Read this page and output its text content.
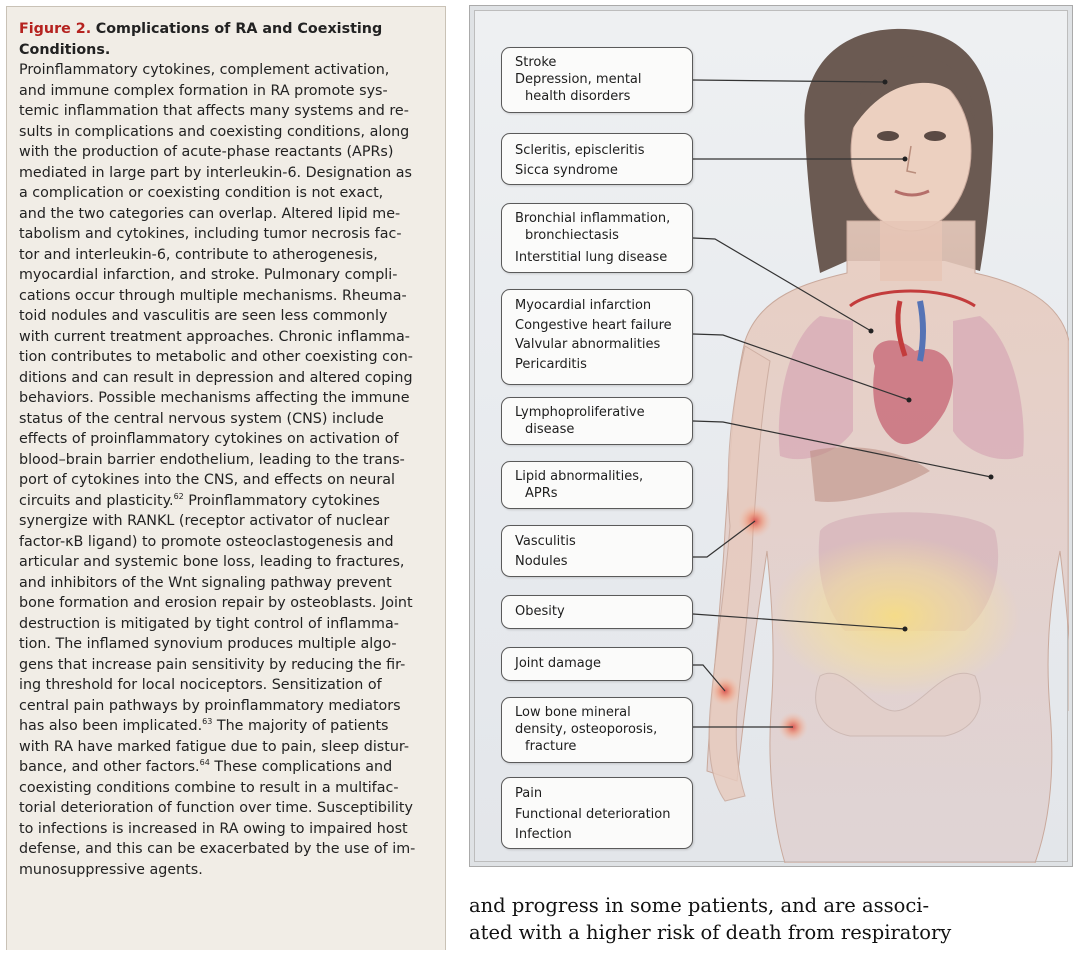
Figure 2. Complications of RA and Coexisting Conditions.
Proinflammatory cytokines, complement activation,
and immune complex formation in RA promote sys-
temic inflammation that affects many systems and re-
sults in complications and coexisting conditions, along
with the production of acute-phase reactants (APRs)
mediated in large part by interleukin-6. Designation as
a complication or coexisting condition is not exact,
and the two categories can overlap. Altered lipid me-
tabolism and cytokines, including tumor necrosis fac-
tor and interleukin-6, contribute to atherogenesis,
myocardial infarction, and stroke. Pulmonary compli-
cations occur through multiple mechanisms. Rheuma-
toid nodules and vasculitis are seen less commonly
with current treatment approaches. Chronic inflamma-
tion contributes to metabolic and other coexisting con-
ditions and can result in depression and altered coping
behaviors. Possible mechanisms affecting the immune
status of the central nervous system (CNS) include
effects of proinflammatory cytokines on activation of
blood–brain barrier endothelium, leading to the trans-
port of cytokines into the CNS, and effects on neural
circuits and plasticity.$^{62}$ Proinflammatory cytokines
synergize with RANKL (receptor activator of nuclear
factor-κB ligand) to promote osteoclastogenesis and
articular and systemic bone loss, leading to fractures,
and inhibitors of the Wnt signaling pathway prevent
bone formation and erosion repair by osteoblasts. Joint
destruction is mitigated by tight control of inflamma-
tion. The inflamed synovium produces multiple algo-
gens that increase pain sensitivity by reducing the fir-
ing threshold for local nociceptors. Sensitization of
central pain pathways by proinflammatory mediators
has also been implicated.$^{63}$ The majority of patients
with RA have marked fatigue due to pain, sleep distur-
bance, and other factors.$^{64}$ These complications and
coexisting conditions combine to result in a multifac-
torial deterioration of function over time. Susceptibility
to infections is increased in RA owing to impaired host
defense, and this can be exacerbated by the use of im-
munosuppressive agents.

Stroke
Depression, mental
health disorders
Scleritis, episcleritis
Sicca syndrome
Bronchial inflammation,
bronchiectasis
Interstitial lung disease
Myocardial infarction
Congestive heart failure
Valvular abnormalities
Pericarditis
Lymphoproliferative
disease
Lipid abnormalities,
APRs
Vasculitis
Nodules
Obesity
Joint damage
Low bone mineral
density, osteoporosis,
fracture
Pain
Functional deterioration
Infection
and progress in some patients, and are associ-
ated with a higher risk of death from respiratory
